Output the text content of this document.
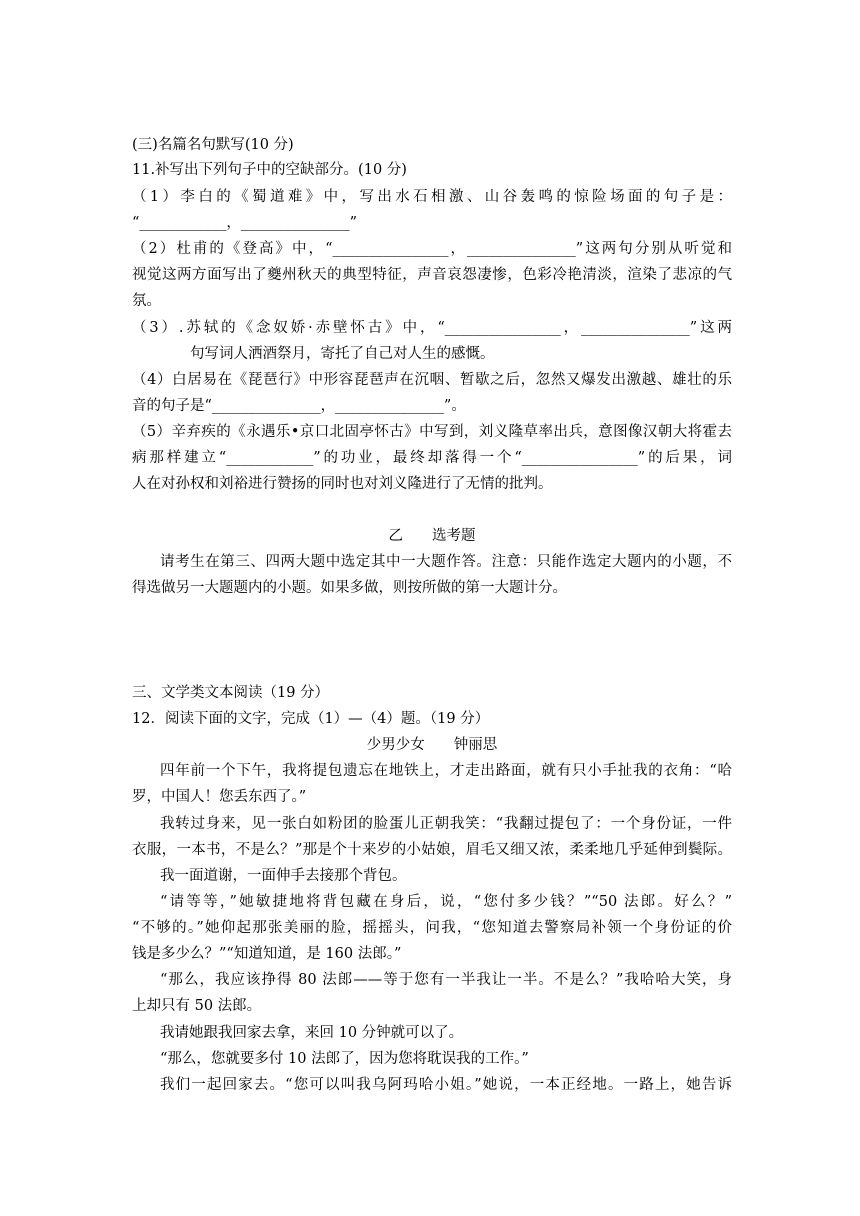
(三)名篇名句默写(10 分)
11.补写出下列句子中的空缺部分。(10 分)
（1）李白的《蜀道难》中，写出水石相激、山谷轰鸣的惊险场面的句子是：
“____________，_______________”
（2）杜甫的《登高》中，“________________，_______________”这两句分别从听觉和
视觉这两方面写出了夔州秋天的典型特征，声音哀怨凄惨，色彩冷艳清淡，渲染了悲凉的气
氛。
（3）.苏轼的《念奴娇·赤壁怀古》中，“________________，_______________”这两
句写词人洒酒祭月，寄托了自己对人生的感慨。
（4）白居易在《琵琶行》中形容琵琶声在沉咽、暂歇之后，忽然又爆发出激越、雄壮的乐
音的句子是“_______________，_______________”。
（5）辛弃疾的《永遇乐•京口北固亭怀古》中写到，刘义隆草率出兵，意图像汉朝大将霍去
病那样建立“____________”的功业，最终却落得一个“________________”的后果，词
人在对孙权和刘裕进行赞扬的同时也对刘义隆进行了无情的批判。
乙　　选考题
请考生在第三、四两大题中选定其中一大题作答。注意：只能作选定大题内的小题，不
得选做另一大题题内的小题。如果多做，则按所做的第一大题计分。
三、文学类文本阅读（19 分）
12．阅读下面的文字，完成（1）—（4）题。（19 分）
少男少女　　钟丽思
四年前一个下午，我将提包遗忘在地铁上，才走出路面，就有只小手扯我的衣角：“哈
罗，中国人！您丢东西了。”
我转过身来，见一张白如粉团的脸蛋儿正朝我笑：“我翻过提包了：一个身份证，一件
衣服，一本书，不是么？”那是个十来岁的小姑娘，眉毛又细又浓，柔柔地几乎延伸到鬓际。
我一面道谢，一面伸手去接那个背包。
“请等等，”她敏捷地将背包藏在身后，说，“您付多少钱？”“50 法郎。好么？”
“不够的。”她仰起那张美丽的脸，摇摇头，问我，“您知道去警察局补领一个身份证的价
钱是多少么？”“知道知道，是 160 法郎。”
“那么，我应该挣得 80 法郎——等于您有一半我让一半。不是么？”我哈哈大笑，身
上却只有 50 法郎。
我请她跟我回家去拿，来回 10 分钟就可以了。
“那么，您就要多付 10 法郎了，因为您将耽误我的工作。”
我们一起回家去。“您可以叫我乌阿玛哈小姐。”她说，一本正经地。一路上，她告诉
